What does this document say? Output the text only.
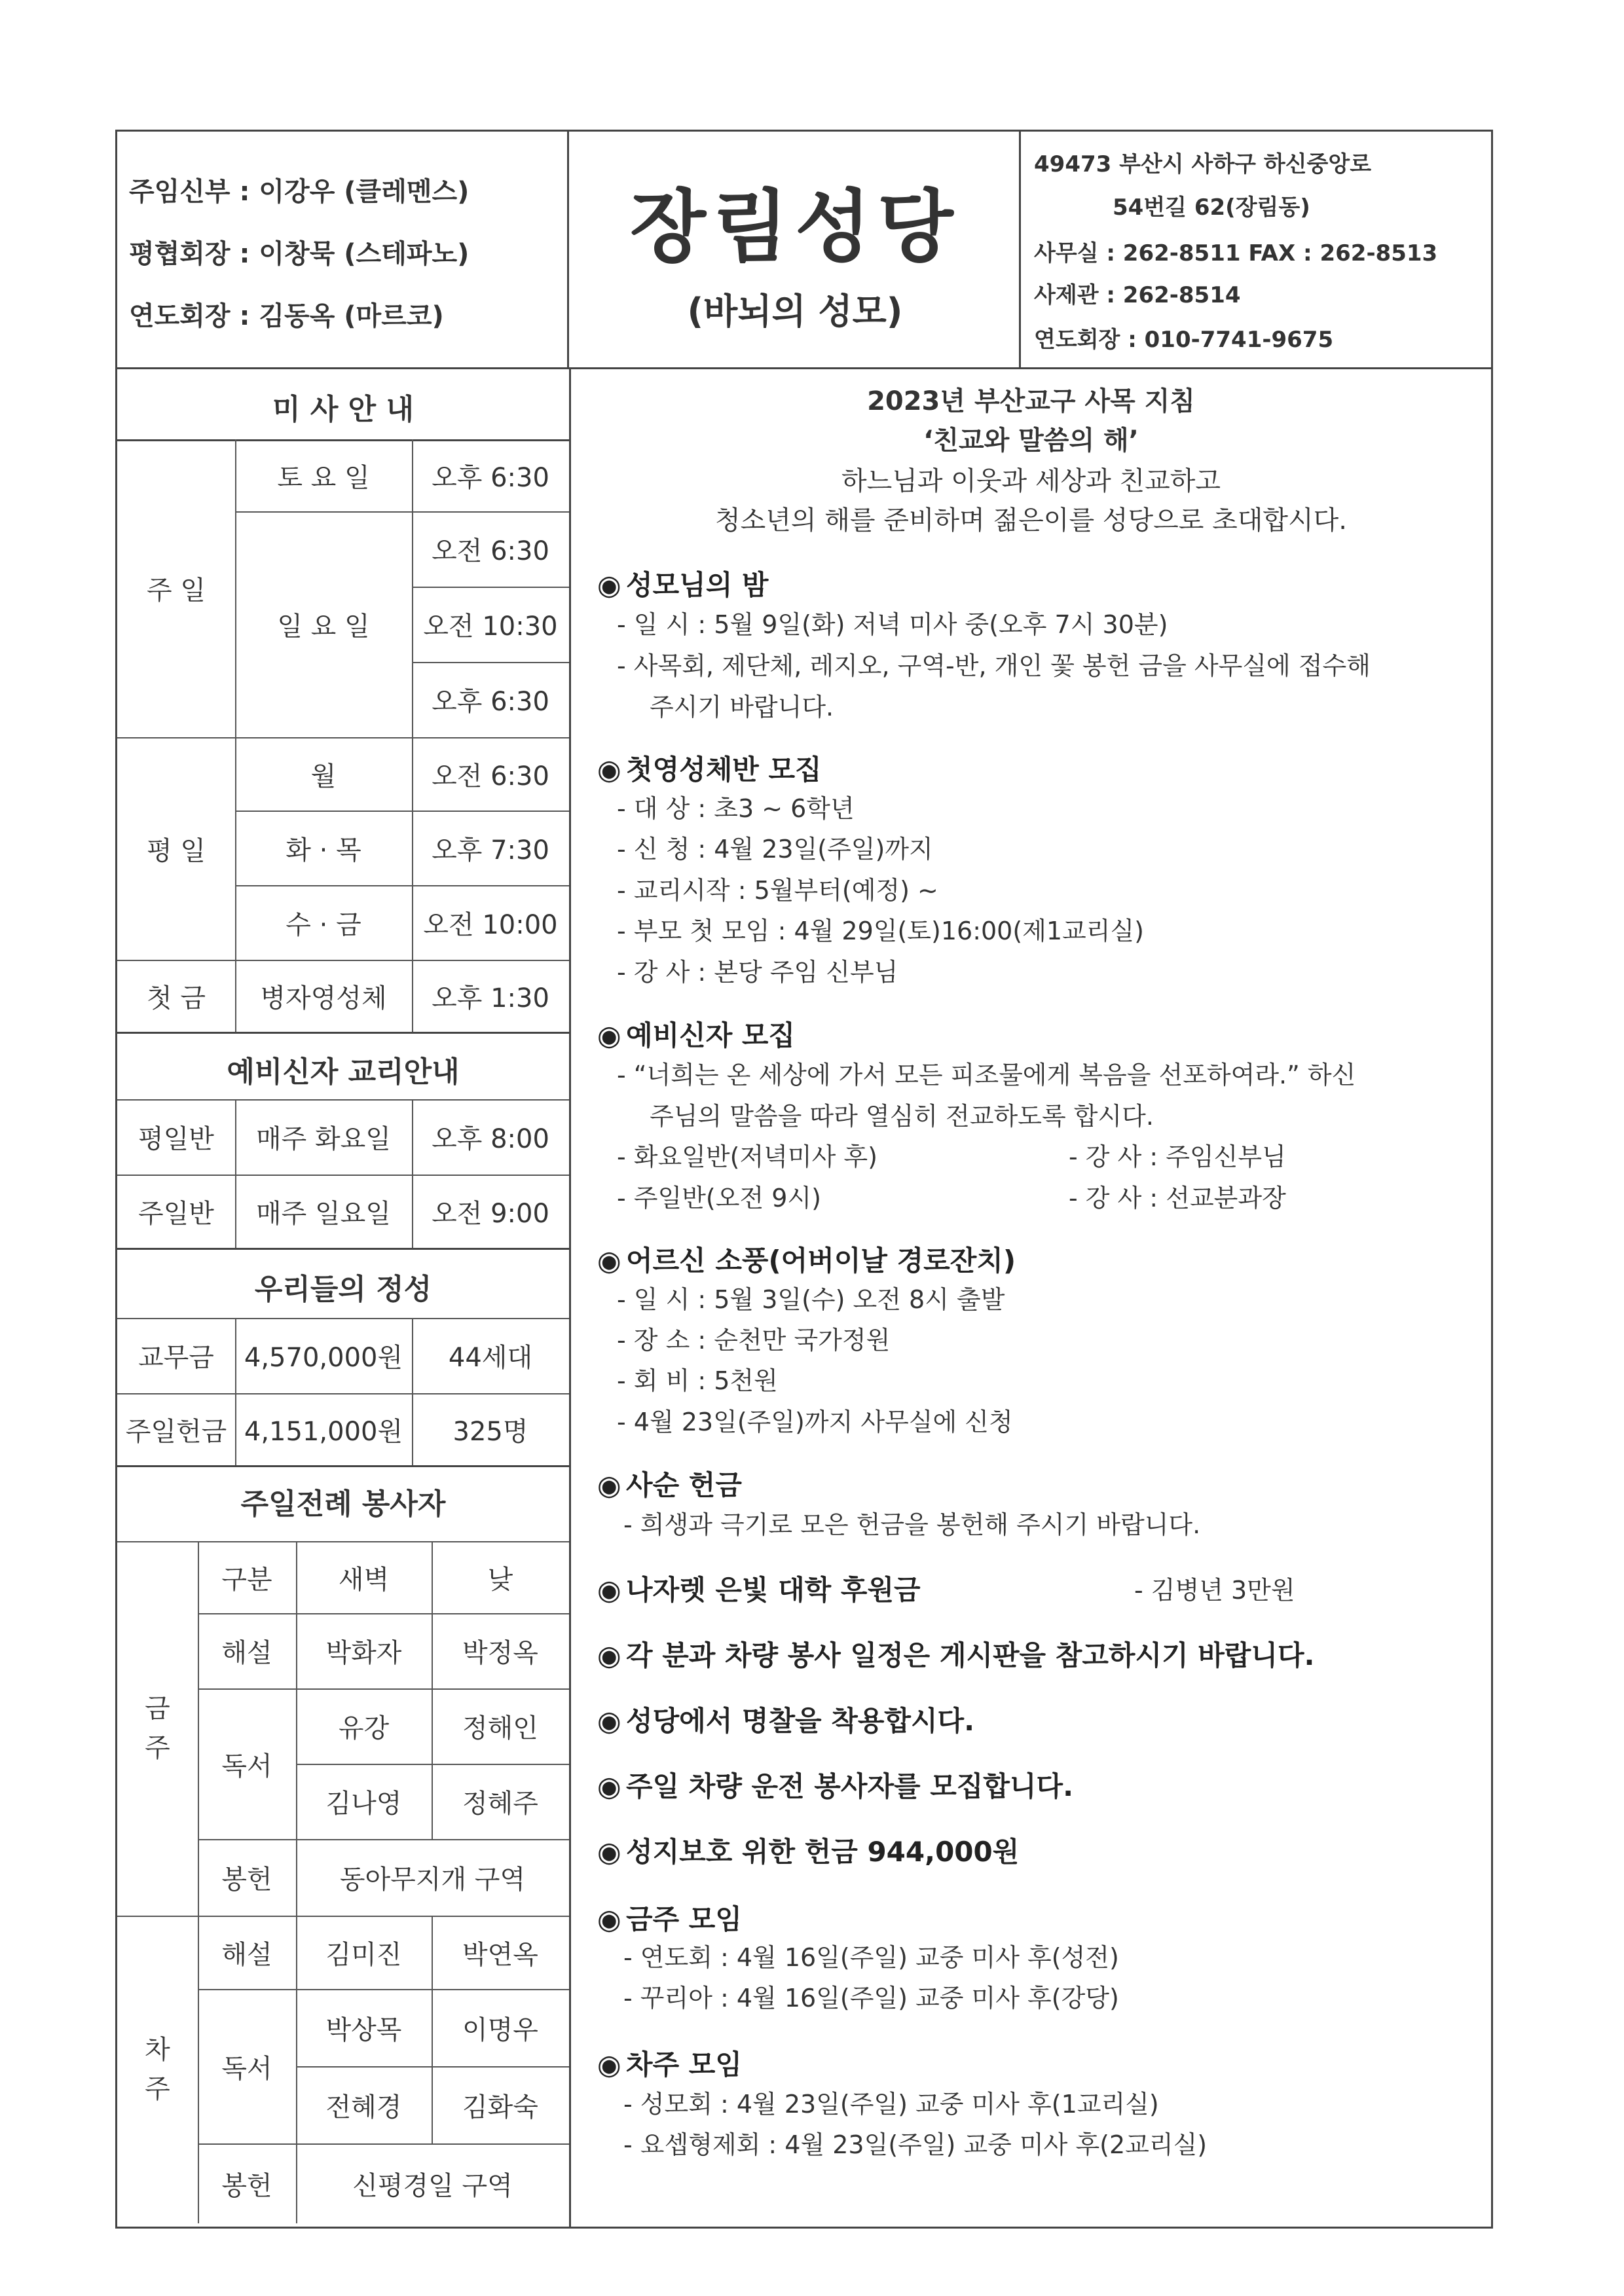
주임신부 : 이강우 (클레멘스)
평협회장 : 이창묵 (스테파노)
연도회장 : 김동옥 (마르코)
장림성당
(바뇌의 성모)
49473 부산시 사하구 하신중앙로
54번길 62(장림동)
사무실 : 262-8511 FAX : 262-8513
사제관 : 262-8514
연도회장 : 010-7741-9675
미 사 안 내
주 일
토 요 일	오후 6:30
일 요 일
오전 6:30
오전 10:30
오후 6:30
평 일
월	오전 6:30
화 · 목	오후 7:30
수 · 금	오전 10:00
첫 금	병자영성체	오후 1:30
예비신자 교리안내
평일반	매주 화요일	오후 8:00
주일반	매주 일요일	오전 9:00
우리들의 정성
교무금	4,570,000원	44세대
주일헌금 4,151,000원	325명
주일전례 봉사자
금 주
구분	새벽	낮
해설	박화자	박정옥
독서
유강	정해인
김나영	정혜주
봉헌	동아무지개 구역
차 주
해설	김미진	박연옥
독서
박상목	이명우
전혜경	김화숙
봉헌	신평경일 구역
2023년 부산교구 사목 지침
‘친교와 말씀의 해’
하느님과 이웃과 세상과 친교하고
청소년의 해를 준비하며 젊은이를 성당으로 초대합시다.
◉ 성모님의 밤
- 일 시 : 5월 9일(화) 저녁 미사 중(오후 7시 30분)
- 사목회, 제단체, 레지오, 구역-반, 개인 꽃 봉헌 금을 사무실에 접수해
주시기 바랍니다.
◉ 첫영성체반 모집
- 대 상 : 초3 ~ 6학년
- 신 청 : 4월 23일(주일)까지
- 교리시작 : 5월부터(예정) ~
- 부모 첫 모임 : 4월 29일(토)16:00(제1교리실)
- 강 사 : 본당 주임 신부님
◉ 예비신자 모집
- “너희는 온 세상에 가서 모든 피조물에게 복음을 선포하여라.” 하신
주님의 말씀을 따라 열심히 전교하도록 합시다.
- 화요일반(저녁미사 후)	- 강 사 : 주임신부님
- 주일반(오전 9시)	- 강 사 : 선교분과장
◉ 어르신 소풍(어버이날 경로잔치)
- 일 시 : 5월 3일(수) 오전 8시 출발
- 장 소 : 순천만 국가정원
- 회 비 : 5천원
- 4월 23일(주일)까지 사무실에 신청
◉ 사순 헌금
- 희생과 극기로 모은 헌금을 봉헌해 주시기 바랍니다.
◉ 나자렛 은빛 대학 후원금	- 김병년 3만원
◉ 각 분과 차량 봉사 일정은 게시판을 참고하시기 바랍니다.
◉ 성당에서 명찰을 착용합시다.
◉ 주일 차량 운전 봉사자를 모집합니다.
◉ 성지보호 위한 헌금 944,000원
◉ 금주 모임
- 연도회 : 4월 16일(주일) 교중 미사 후(성전)
- 꾸리아 : 4월 16일(주일) 교중 미사 후(강당)
◉ 차주 모임
- 성모회 : 4월 23일(주일) 교중 미사 후(1교리실)
- 요셉형제회 : 4월 23일(주일) 교중 미사 후(2교리실)
